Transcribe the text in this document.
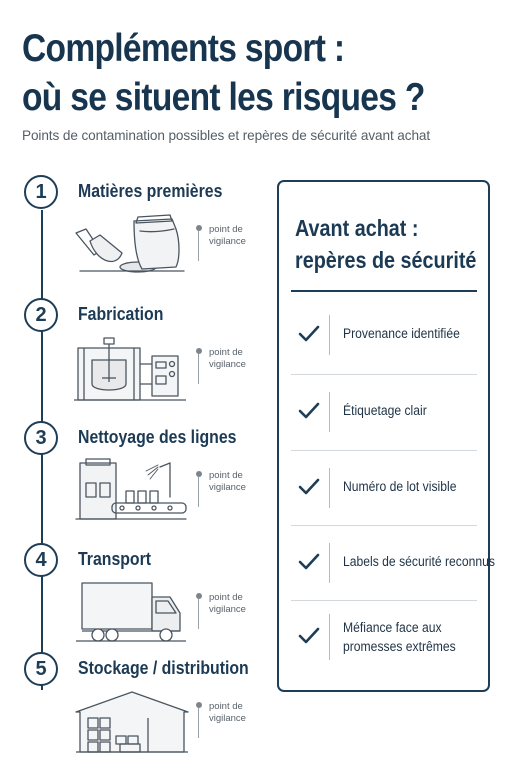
Compléments sport :
où se situent les risques ?
Points de contamination possibles et repères de sécurité avant achat
1	Matières premières
point de
vigilance
2	Fabrication
point de
vigilance
3	Nettoyage des lignes
point de
vigilance
4	Transport
point de
vigilance
5	Stockage / distribution
point de
vigilance
Avant achat :
repères de sécurité
Provenance identifiée
Étiquetage clair
Numéro de lot visible
Labels de sécurité reconnus
Méfiance face aux
promesses extrêmes
